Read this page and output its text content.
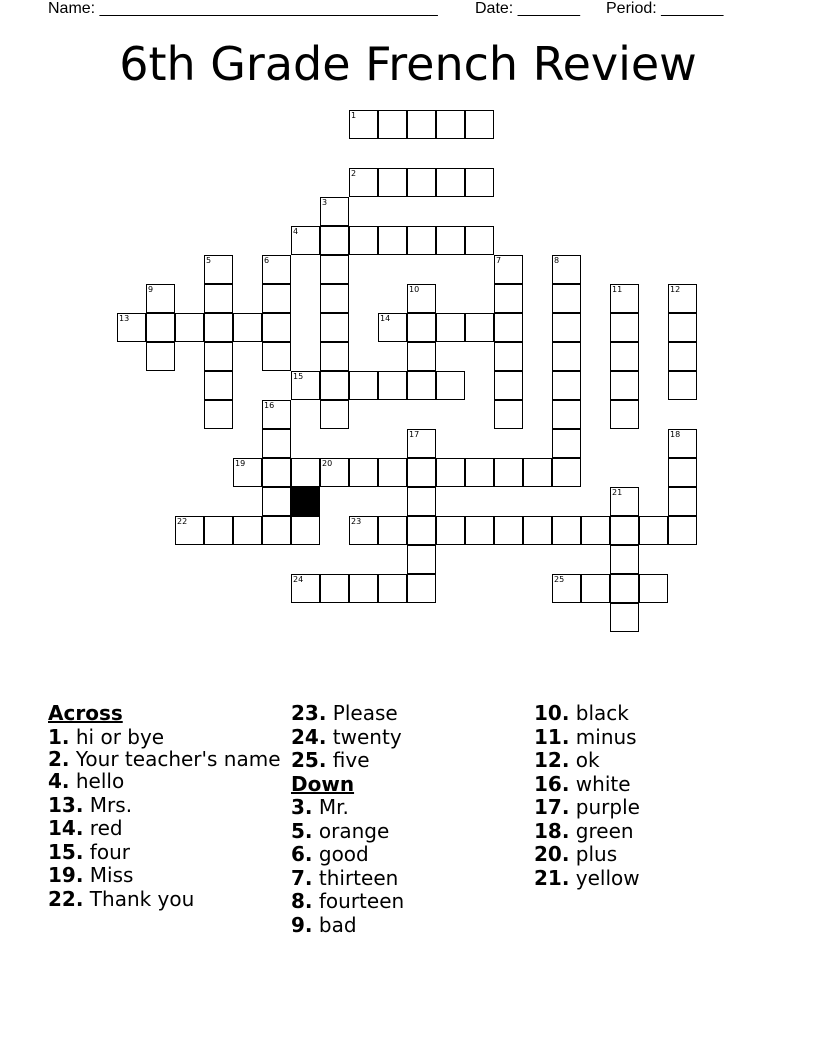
Name: ______________________________________ Date: _______ Period: _______
6th Grade French Review
1
2
3
4
5	6	7	8
9	10	11	12
13	14
15
16
17	18
19	20
21
22	23
24	25
Across
1. hi or bye
2. Your teacher's name
4. hello
13. Mrs.
14. red
15. four
19. Miss
22. Thank you
23. Please
24. twenty
25. five
Down
3. Mr.
5. orange
6. good
7. thirteen
8. fourteen
9. bad
10. black
11. minus
12. ok
16. white
17. purple
18. green
20. plus
21. yellow
